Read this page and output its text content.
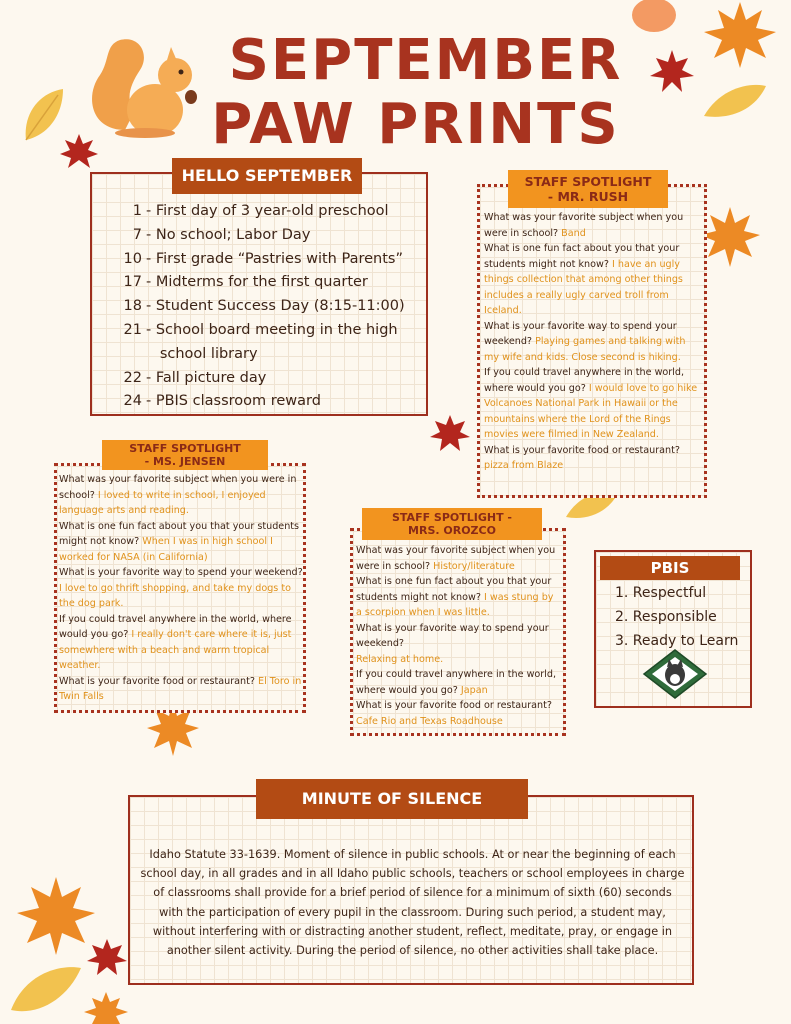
SEPTEMBER
PAW PRINTS
HELLO SEPTEMBER
1 - First day of 3 year-old preschool
7 - No school; Labor Day
10 - First grade “Pastries with Parents”
17 - Midterms for the first quarter
18 - Student Success Day (8:15-11:00)
21 - School board meeting in the high

school library
22 - Fall picture day
24 - PBIS classroom reward
STAFF SPOTLIGHT
- MR. RUSH
What was your favorite subject when you were in school? Band
What is one fun fact about you that your students might not know? I have an ugly things collection that among other things includes a really ugly carved troll from Iceland.
What is your favorite way to spend your weekend? Playing games and talking with my wife and kids. Close second is hiking.
If you could travel anywhere in the world, where would you go? I would love to go hike Volcanoes National Park in Hawaii or the mountains where the Lord of the Rings movies were filmed in New Zealand.
What is your favorite food or restaurant?
pizza from Blaze
STAFF SPOTLIGHT
- MS. JENSEN
What was your favorite subject when you were in school? I loved to write in school, I enjoyed language arts and reading.
What is one fun fact about you that your students might not know? When I was in high school I worked for NASA (in California)
What is your favorite way to spend your weekend? I love to go thrift shopping, and take my dogs to the dog park.
If you could travel anywhere in the world, where would you go? I really don't care where it is, just somewhere with a beach and warm tropical weather.
What is your favorite food or restaurant? El Toro in Twin Falls
STAFF SPOTLIGHT -
MRS. OROZCO
What was your favorite subject when you were in school? History/literature
What is one fun fact about you that your students might not know? I was stung by a scorpion when I was little.
What is your favorite way to spend your weekend?
Relaxing at home.
If you could travel anywhere in the world, where would you go? Japan
What is your favorite food or restaurant?
Cafe Rio and Texas Roadhouse
PBIS
1. Respectful
2. Responsible
3. Ready to Learn
MINUTE OF SILENCE
Idaho Statute 33-1639. Moment of silence in public schools. At or near the beginning of each school day, in all grades and in all Idaho public schools, teachers or school employees in charge of classrooms shall provide for a brief period of silence for a minimum of sixth (60) seconds with the participation of every pupil in the classroom. During such period, a student may, without interfering with or distracting another student, reflect, meditate, pray, or engage in another silent activity. During the period of silence, no other activities shall take place.
